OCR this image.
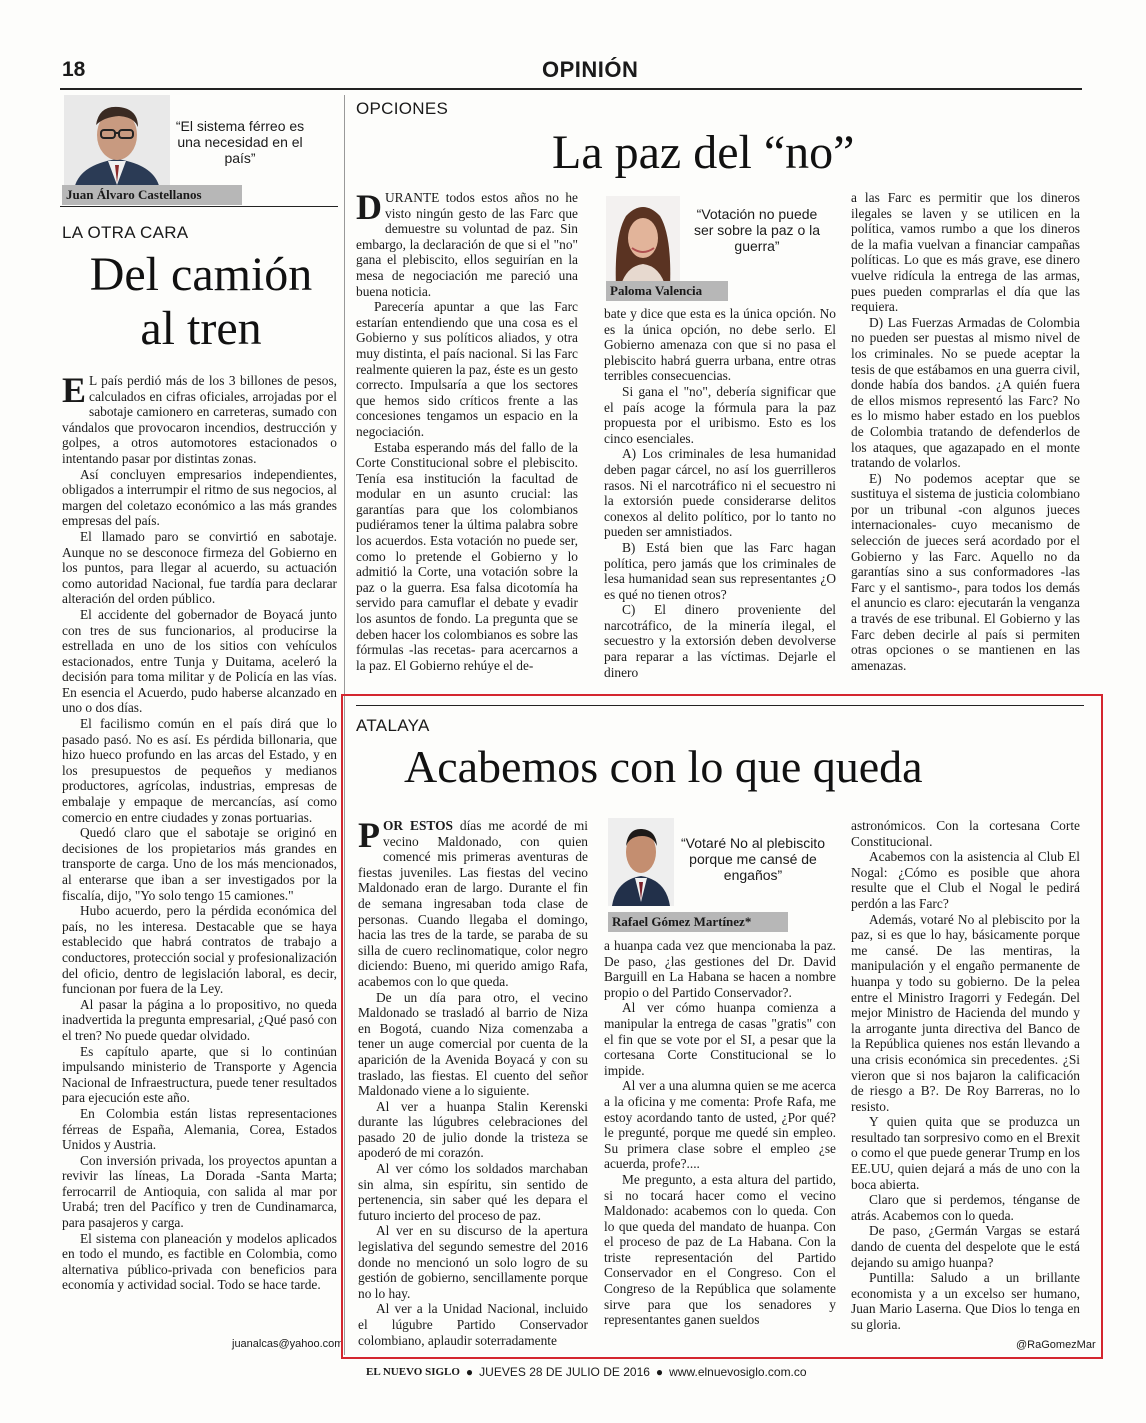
18	OPINIÓN
“El sistema férreo es una necesidad en el país”
Juan Álvaro Castellanos
LA OTRA CARA
Del camión
al tren
E L país perdió más de los 3 billones de pesos, calculados en cifras oficiales, arrojadas por el sabotaje camionero en carreteras, sumado con vándalos que provocaron incendios, destrucción y golpes, a otros automotores estacionados o intentando pasar por distintas zonas.

Así concluyen empresarios independientes, obligados a interrumpir el ritmo de sus negocios, al margen del coletazo económico a las más grandes empresas del país.

El llamado paro se convirtió en sabotaje. Aunque no se desconoce firmeza del Gobierno en los puntos, para llegar al acuerdo, su actuación como autoridad Nacional, fue tardía para declarar alteración del orden público.

El accidente del gobernador de Boyacá junto con tres de sus funcionarios, al producirse la estrellada en uno de los sitios con vehículos estacionados, entre Tunja y Duitama, aceleró la decisión para toma militar y de Policía en las vías. En esencia el Acuerdo, pudo haberse alcanzado en uno o dos días.

El facilismo común en el país dirá que lo pasado pasó. No es así. Es pérdida billonaria, que hizo hueco profundo en las arcas del Estado, y en los presupuestos de pequeños y medianos productores, agrícolas, industrias, empresas de embalaje y empaque de mercancías, así como comercio en entre ciudades y zonas portuarias.

Quedó claro que el sabotaje se originó en decisiones de los propietarios más grandes en transporte de carga. Uno de los más mencionados, al enterarse que iban a ser investigados por la fiscalía, dijo, "Yo solo tengo 15 camiones."

Hubo acuerdo, pero la pérdida económica del país, no les interesa. Destacable que se haya establecido que habrá contratos de trabajo a conductores, protección social y profesionalización del oficio, dentro de legislación laboral, es decir, funcionan por fuera de la Ley.

Al pasar la página a lo propositivo, no queda inadvertida la pregunta empresarial, ¿Qué pasó con el tren? No puede quedar olvidado.

Es capítulo aparte, que si lo continúan impulsando ministerio de Transporte y Agencia Nacional de Infraestructura, puede tener resultados para ejecución este año.

En Colombia están listas representaciones férreas de España, Alemania, Corea, Estados Unidos y Austria.

Con inversión privada, los proyectos apuntan a revivir las líneas, La Dorada -Santa Marta; ferrocarril de Antioquia, con salida al mar por Urabá; tren del Pacífico y tren de Cundinamarca, para pasajeros y carga.

El sistema con planeación y modelos aplicados en todo el mundo, es factible en Colombia, como alternativa público-privada con beneficios para economía y actividad social. Todo se hace tarde.

juanalcas@yahoo.com
OPCIONES
La paz del “no”
D URANTE todos estos años no he visto ningún gesto de las Farc que demuestre su voluntad de paz. Sin embargo, la declaración de que si el "no" gana el plebiscito, ellos seguirían en la mesa de negociación me pareció una buena noticia.

Parecería apuntar a que las Farc estarían entendiendo que una cosa es el Gobierno y sus políticos aliados, y otra muy distinta, el país nacional. Si las Farc realmente quieren la paz, éste es un gesto correcto. Impulsaría a que los sectores que hemos sido críticos frente a las concesiones tengamos un espacio en la negociación.

Estaba esperando más del fallo de la Corte Constitucional sobre el plebiscito. Tenía esa institución la facultad de modular en un asunto crucial: las garantías para que los colombianos pudiéramos tener la última palabra sobre los acuerdos. Esta votación no puede ser, como lo pretende el Gobierno y lo admitió la Corte, una votación sobre la paz o la guerra. Esa falsa dicotomía ha servido para camuflar el debate y evadir los asuntos de fondo. La pregunta que se deben hacer los colombianos es sobre las fórmulas -las recetas- para acercarnos a la paz. El Gobierno rehúye el de-

“Votación no puede ser sobre la paz o la guerra”
Paloma Valencia

bate y dice que esta es la única opción. No es la única opción, no debe serlo. El Gobierno amenaza con que si no pasa el plebiscito habrá guerra urbana, entre otras terribles consecuencias.

Si gana el "no", debería significar que el país acoge la fórmula para la paz propuesta por el uribismo. Esto es los cinco esenciales.

A) Los criminales de lesa humanidad deben pagar cárcel, no así los guerrilleros rasos. Ni el narcotráfico ni el secuestro ni la extorsión puede considerarse delitos conexos al delito político, por lo tanto no pueden ser amnistiados.

B) Está bien que las Farc hagan política, pero jamás que los criminales de lesa humanidad sean sus representantes ¿O es qué no tienen otros?

C) El dinero proveniente del narcotráfico, de la minería ilegal, el secuestro y la extorsión deben devolverse para reparar a las víctimas. Dejarle el dinero

a las Farc es permitir que los dineros ilegales se laven y se utilicen en la política, vamos rumbo a que los dineros de la mafia vuelvan a financiar campañas políticas. Lo que es más grave, ese dinero vuelve ridícula la entrega de las armas, pues pueden comprarlas el día que las requiera.

D) Las Fuerzas Armadas de Colombia no pueden ser puestas al mismo nivel de los criminales. No se puede aceptar la tesis de que estábamos en una guerra civil, donde había dos bandos. ¿A quién fuera de ellos mismos representó las Farc? No es lo mismo haber estado en los pueblos de Colombia tratando de defenderlos de los ataques, que agazapado en el monte tratando de volarlos.

E) No podemos aceptar que se sustituya el sistema de justicia colombiano por un tribunal -con algunos jueces internacionales- cuyo mecanismo de selección de jueces será acordado por el Gobierno y las Farc. Aquello no da garantías sino a sus conformadores -las Farc y el santismo-, para todos los demás el anuncio es claro: ejecutarán la venganza a través de ese tribunal. El Gobierno y las Farc deben decirle al país si permiten otras opciones o se mantienen en las amenazas.

ATALAYA
Acabemos con lo que queda
P OR ESTOS días me acordé de mi vecino Maldonado, con quien comencé mis primeras aventuras de fiestas juveniles. Las fiestas del vecino Maldonado eran de largo. Durante el fin de semana ingresaban toda clase de personas. Cuando llegaba el domingo, hacia las tres de la tarde, se paraba de su silla de cuero reclinomatique, color negro diciendo: Bueno, mi querido amigo Rafa, acabemos con lo que queda.

De un día para otro, el vecino Maldonado se trasladó al barrio de Niza en Bogotá, cuando Niza comenzaba a tener un auge comercial por cuenta de la aparición de la Avenida Boyacá y con su traslado, las fiestas. El cuento del señor Maldonado viene a lo siguiente.

Al ver a huanpa Stalin Kerenski durante las lúgubres celebraciones del pasado 20 de julio donde la tristeza se apoderó de mi corazón.

Al ver cómo los soldados marchaban sin alma, sin espíritu, sin sentido de pertenencia, sin saber qué les depara el futuro incierto del proceso de paz.

Al ver en su discurso de la apertura legislativa del segundo semestre del 2016 donde no mencionó un solo logro de su gestión de gobierno, sencillamente porque no lo hay.

Al ver a la Unidad Nacional, incluido el lúgubre Partido Conservador colombiano, aplaudir soterradamente

“Votaré No al plebiscito porque me cansé de engaños”
Rafael Gómez Martínez*

a huanpa cada vez que mencionaba la paz. De paso, ¿las gestiones del Dr. David Barguill en La Habana se hacen a nombre propio o del Partido Conservador?.

Al ver cómo huanpa comienza a manipular la entrega de casas "gratis" con el fin que se vote por el SI, a pesar que la cortesana Corte Constitucional se lo impide.

Al ver a una alumna quien se me acerca a la oficina y me comenta: Profe Rafa, me estoy acordando tanto de usted, ¿Por qué? le pregunté, porque me quedé sin empleo. Su primera clase sobre el empleo ¿se acuerda, profe?....

Me pregunto, a esta altura del partido, si no tocará hacer como el vecino Maldonado: acabemos con lo queda. Con lo que queda del mandato de huanpa. Con el proceso de paz de La Habana. Con la triste representación del Partido Conservador en el Congreso. Con el Congreso de la República que solamente sirve para que los senadores y representantes ganen sueldos

astronómicos. Con la cortesana Corte Constitucional.

Acabemos con la asistencia al Club El Nogal: ¿Cómo es posible que ahora resulte que el Club el Nogal le pedirá perdón a las Farc?

Además, votaré No al plebiscito por la paz, si es que lo hay, básicamente porque me cansé. De las mentiras, la manipulación y el engaño permanente de huanpa y todo su gobierno. De la pelea entre el Ministro Iragorri y Fedegán. Del mejor Ministro de Hacienda del mundo y la arrogante junta directiva del Banco de la República quienes nos están llevando a una crisis económica sin precedentes. ¿Si vieron que si nos bajaron la calificación de riesgo a B?. De Roy Barreras, no lo resisto.

Y quien quita que se produzca un resultado tan sorpresivo como en el Brexit o como el que puede generar Trump en los EE.UU, quien dejará a más de uno con la boca abierta.

Claro que si perdemos, ténganse de atrás. Acabemos con lo queda.

De paso, ¿Germán Vargas se estará dando de cuenta del despelote que le está dejando su amigo huanpa?

Puntilla: Saludo a un brillante economista y a un excelso ser humano, Juan Mario Laserna. Que Dios lo tenga en su gloria.

@RaGomezMar
EL NUEVO SIGLO ● JUEVES 28 DE JULIO DE 2016 ● www.elnuevosiglo.com.co
